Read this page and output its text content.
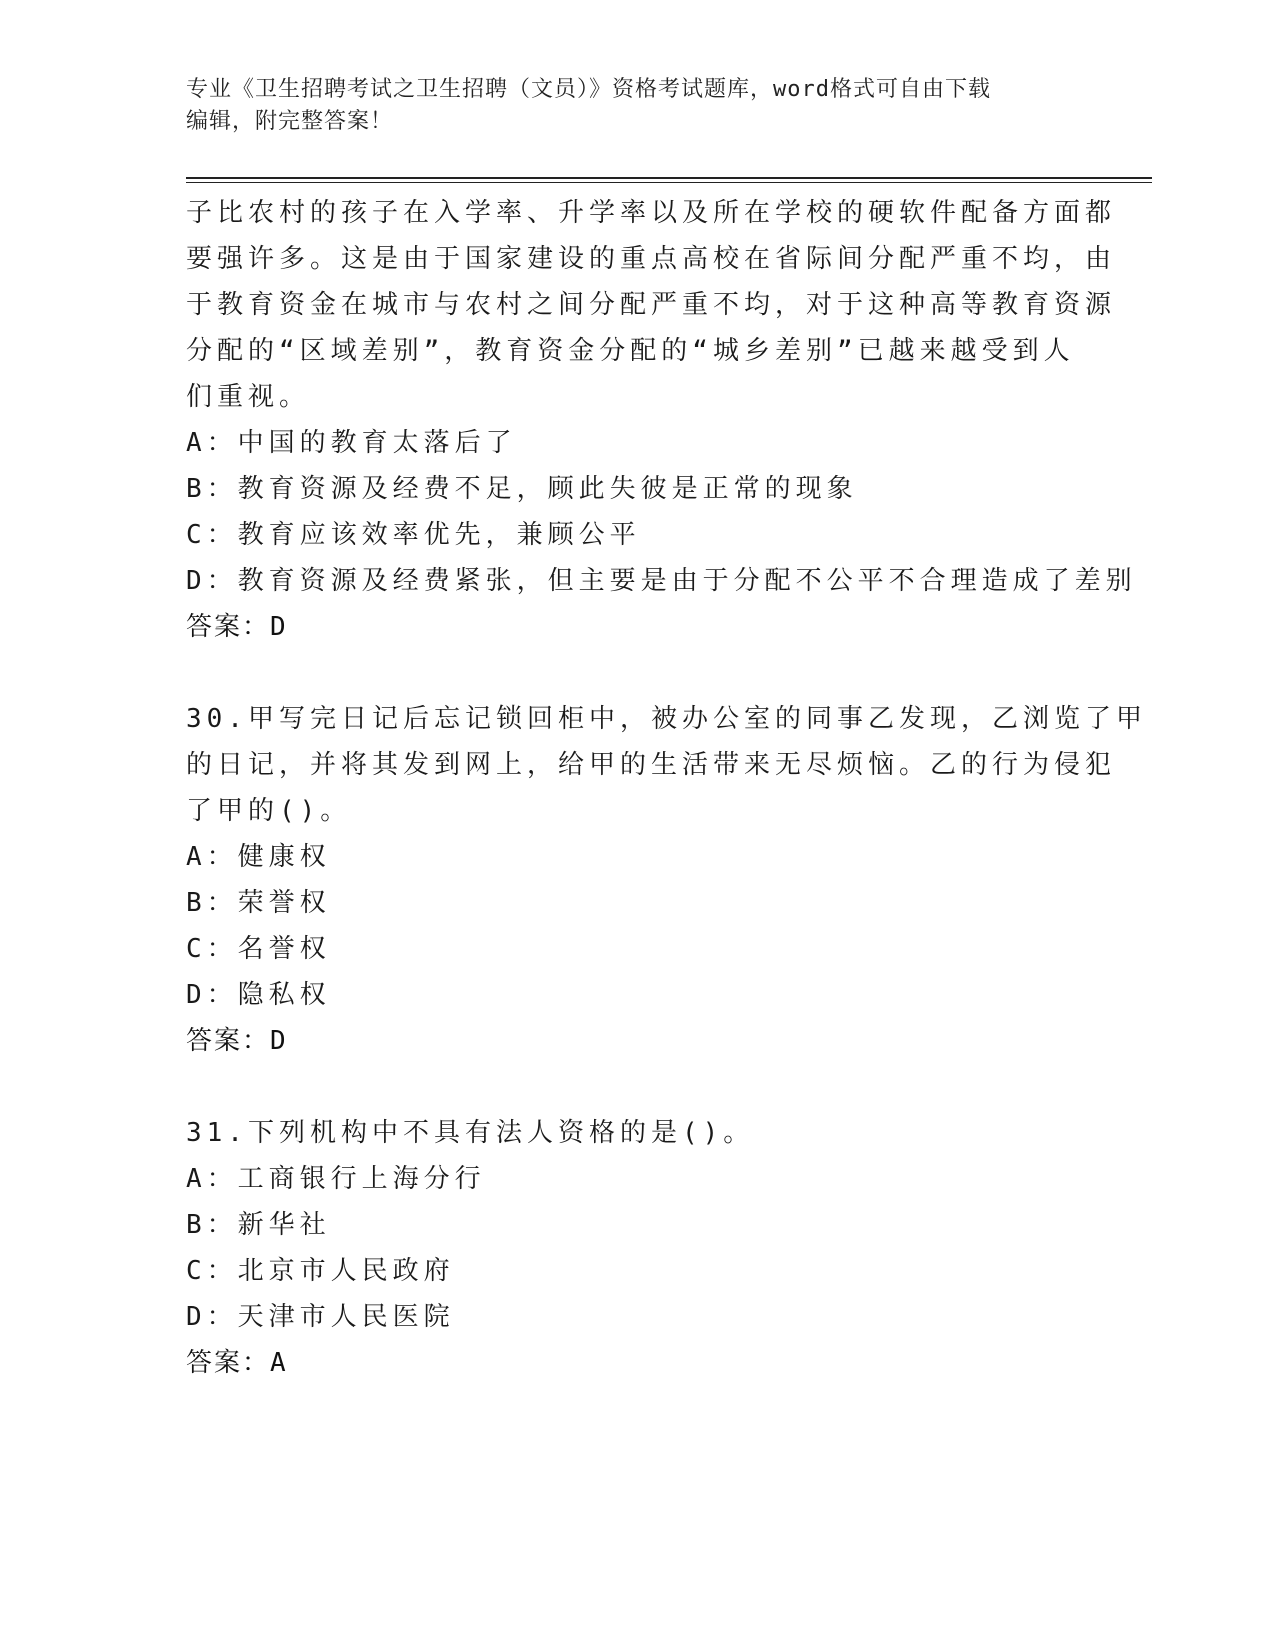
专业《卫生招聘考试之卫生招聘（文员）》资格考试题库，word格式可自由下载
编辑，附完整答案！
子比农村的孩子在入学率、升学率以及所在学校的硬软件配备方面都
要强许多。这是由于国家建设的重点高校在省际间分配严重不均，由
于教育资金在城市与农村之间分配严重不均，对于这种高等教育资源
分配的“区域差别”，教育资金分配的“城乡差别”已越来越受到人
们重视。
A：中国的教育太落后了
B：教育资源及经费不足，顾此失彼是正常的现象
C：教育应该效率优先，兼顾公平
D：教育资源及经费紧张，但主要是由于分配不公平不合理造成了差别
答案：D
30.甲写完日记后忘记锁回柜中，被办公室的同事乙发现，乙浏览了甲
的日记，并将其发到网上，给甲的生活带来无尽烦恼。乙的行为侵犯
了甲的()。
A：健康权
B：荣誉权
C：名誉权
D：隐私权
答案：D
31.下列机构中不具有法人资格的是()。
A：工商银行上海分行
B：新华社
C：北京市人民政府
D：天津市人民医院
答案：A
